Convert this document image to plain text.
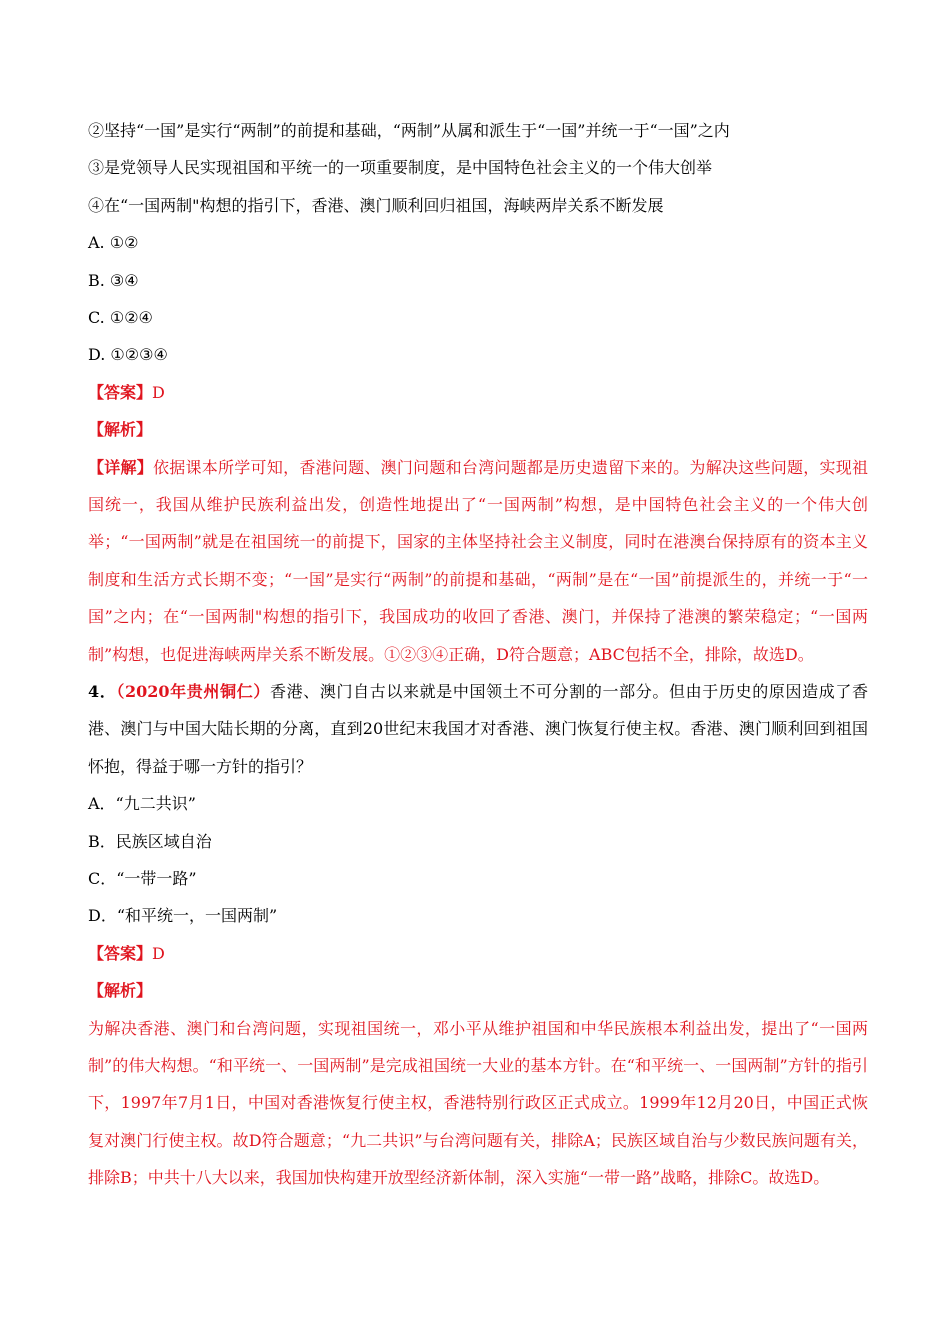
②坚持“一国”是实行“两制”的前提和基础，“两制”从属和派生于“一国”并统一于“一国”之内
③是党领导人民实现祖国和平统一的一项重要制度，是中国特色社会主义的一个伟大创举
④在“一国两制"构想的指引下，香港、澳门顺利回归祖国，海峡两岸关系不断发展
A. ①②
B. ③④
C. ①②④
D. ①②③④
【答案】D
【解析】
【详解】依据课本所学可知，香港问题、澳门问题和台湾问题都是历史遗留下来的。为解决这些问题，实现祖国统一，我国从维护民族利益出发，创造性地提出了“一国两制”构想，是中国特色社会主义的一个伟大创举；“一国两制”就是在祖国统一的前提下，国家的主体坚持社会主义制度，同时在港澳台保持原有的资本主义制度和生活方式长期不变；“一国”是实行“两制”的前提和基础，“两制”是在“一国”前提派生的，并统一于“一国”之内；在“一国两制"构想的指引下，我国成功的收回了香港、澳门，并保持了港澳的繁荣稳定；“一国两制”构想，也促进海峡两岸关系不断发展。①②③④正确，D符合题意；ABC包括不全，排除，故选D。
4．（2020年贵州铜仁）香港、澳门自古以来就是中国领土不可分割的一部分。但由于历史的原因造成了香港、澳门与中国大陆长期的分离，直到20世纪末我国才对香港、澳门恢复行使主权。香港、澳门顺利回到祖国怀抱，得益于哪一方针的指引？
A．“九二共识”
B．民族区域自治
C．“一带一路”
D．“和平统一，一国两制”
【答案】D
【解析】
为解决香港、澳门和台湾问题，实现祖国统一，邓小平从维护祖国和中华民族根本利益出发，提出了“一国两制”的伟大构想。“和平统一、一国两制”是完成祖国统一大业的基本方针。在“和平统一、一国两制”方针的指引下，1997年7月1日，中国对香港恢复行使主权，香港特别行政区正式成立。1999年12月20日，中国正式恢复对澳门行使主权。故D符合题意；“九二共识”与台湾问题有关，排除A；民族区域自治与少数民族问题有关，排除B；中共十八大以来，我国加快构建开放型经济新体制，深入实施“一带一路”战略，排除C。故选D。
